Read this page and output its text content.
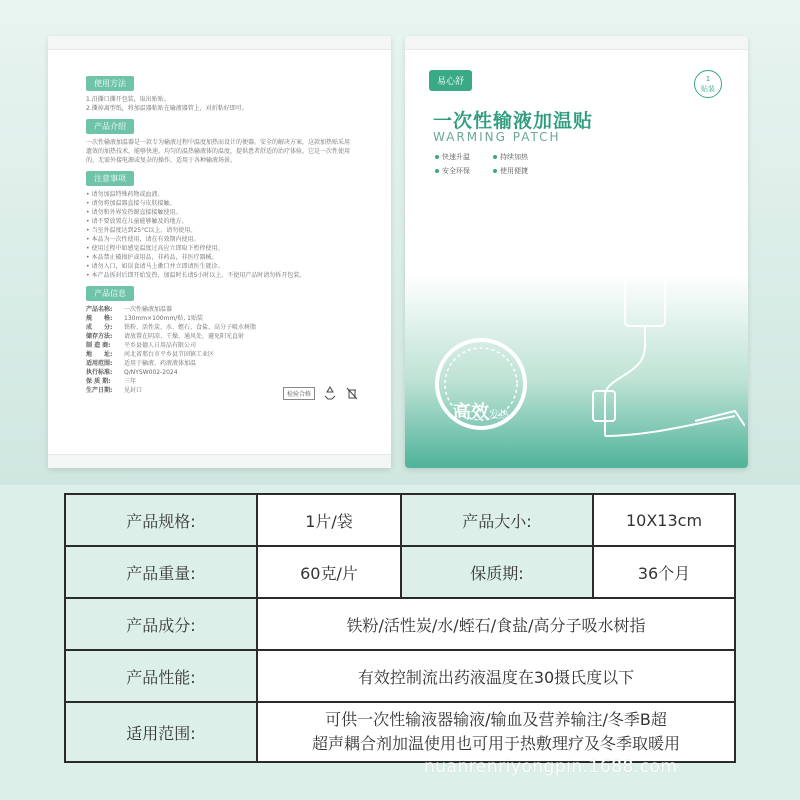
使用方法
1.沿撕口撕开包装，取出贴贴。
2.撕掉离型纸，将加温器粘贴在输液器管上，对折粘好即可。
产品介绍
一次性输液加温器是一款专为输液过程中温度加热而设计的便器。安全的解决方案，这款加热贴采用遗效的加热技术，能够快速，均匀的温热输液体的温度，提供患者舒适的治疗体验。它是一次性使用的，无需外接电源或复杂的操作，适用于各种输液场景。
注意事项
• 请勿加温特殊药物或血液。
• 请勿将加温器直接与皮肤接触。
• 请勿和外界发热源直接接触使用。
• 请不要放置在儿童能够触及的地方。
• 当室外温度达到25°C以上，请勿使用。
• 本品为一次性使用，请在有效期内使用。
• 使用过程中如感觉温度过高应立即取下暂停使用。
• 本品禁止破损护或用品，非药品，非医疗器械。
• 请勿入口，如误食请马上漱口并立即请医生就诊。
• 本产品拆封后即开始发热，加温时长请5小时以上，不使用产品时请勿拆开包装。
产品信息
产品名称:	一次性输液加温器
规　　格:	130mm×100mm/贴, 1贴装
成　　分:	铁粉、活性炭、水、蛭石、食盐、高分子吸水树脂
储存方法:	请放置在阴凉、干燥、通风处，避免阳光直射
制 造 商:	平乡县德人日用品有限公司
地　　址:	河北省邢台市平乡县节固镇工业区
适用范围:	适用于输液、药液液体加温
执行标准:	Q/NYSW002-2024
保 质 期:	三年
生产日期:	见封口	检验合格
易心舒	1
贴装
一次性输液加温贴
WARMING PATCH
快速升温	持续加热
安全环保	使用便捷
高效发热
产品规格:	1片/袋	产品大小:	10X13cm
产品重量:	60克/片	保质期:	36个月
产品成分:	铁粉/活性炭/水/蛭石/食盐/高分子吸水树指		
产品性能:	有效控制流出药液温度在30摄氏度以下		
适用范围:	可供一次性输液器输液/输血及营养输注/冬季B超
超声耦合剂加温使用也可用于热敷理疗及冬季取暖用		
nuanrenriyongpin.1688.com
